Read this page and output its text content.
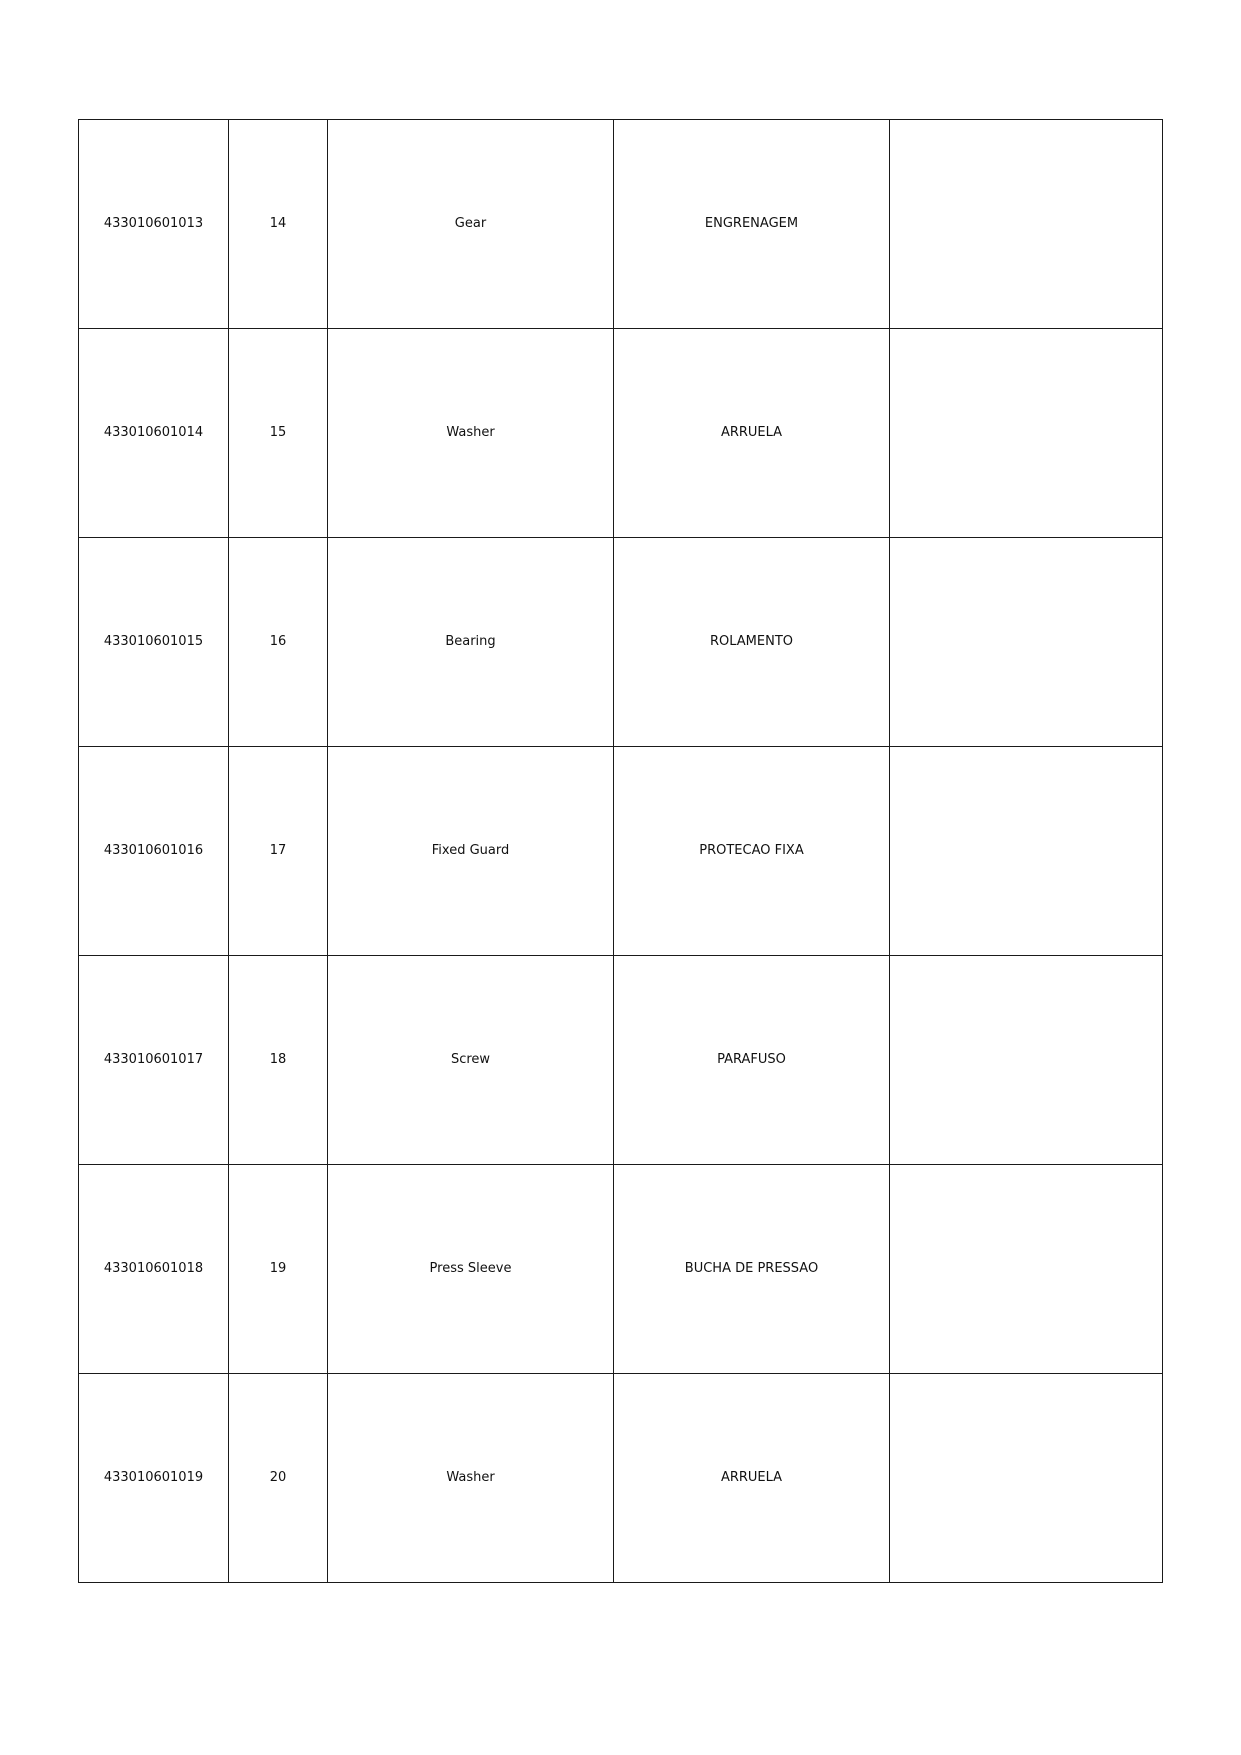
433010601013	14	Gear	ENGRENAGEM	
433010601014	15	Washer	ARRUELA	
433010601015	16	Bearing	ROLAMENTO	
433010601016	17	Fixed Guard	PROTECAO FIXA	
433010601017	18	Screw	PARAFUSO	
433010601018	19	Press Sleeve	BUCHA DE PRESSAO	
433010601019	20	Washer	ARRUELA	
